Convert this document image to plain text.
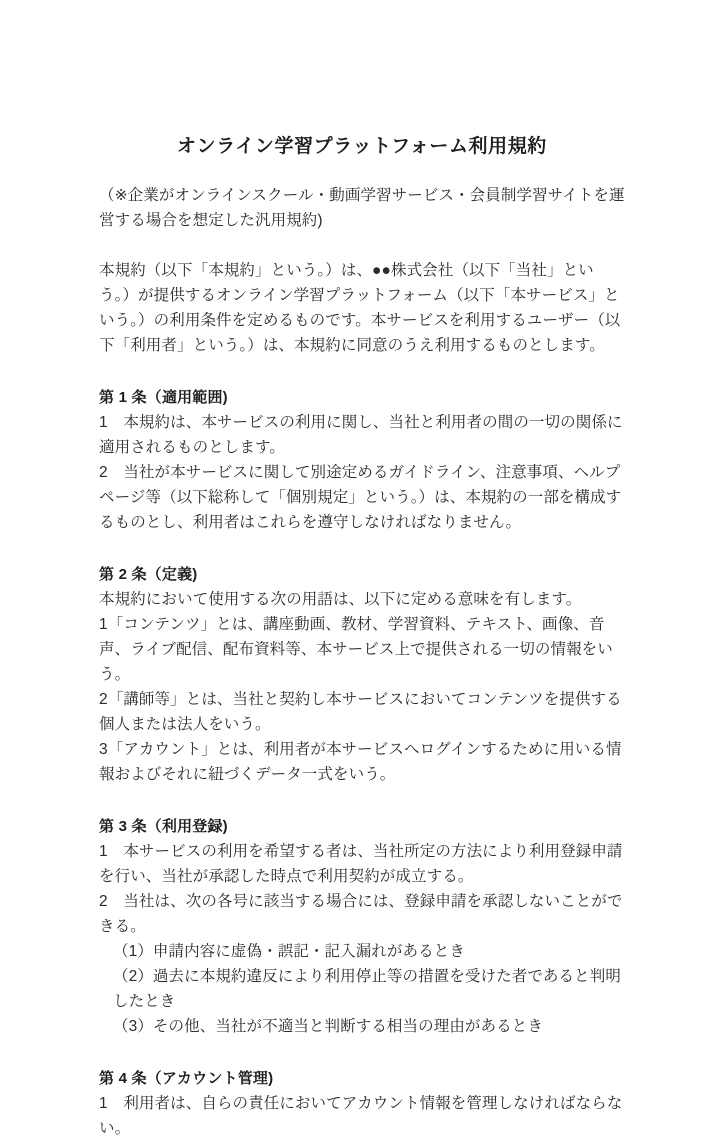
オンライン学習プラットフォーム利用規約

（※企業がオンラインスクール・動画学習サービス・会員制学習サイトを運営する場合を想定した汎用規約)

本規約（以下「本規約」という。）は、●●株式会社（以下「当社」という。）が提供するオンライン学習プラットフォーム（以下「本サービス」という。）の利用条件を定めるものです。本サービスを利用するユーザー（以下「利用者」という。）は、本規約に同意のうえ利用するものとします。

第 1 条（適用範囲)

1　本規約は、本サービスの利用に関し、当社と利用者の間の一切の関係に適用されるものとします。

2　当社が本サービスに関して別途定めるガイドライン、注意事項、ヘルプページ等（以下総称して「個別規定」という。）は、本規約の一部を構成するものとし、利用者はこれらを遵守しなければなりません。

第 2 条（定義)

本規約において使用する次の用語は、以下に定める意味を有します。

1「コンテンツ」とは、講座動画、教材、学習資料、テキスト、画像、音声、ライブ配信、配布資料等、本サービス上で提供される一切の情報をいう。

2「講師等」とは、当社と契約し本サービスにおいてコンテンツを提供する個人または法人をいう。

3「アカウント」とは、利用者が本サービスへログインするために用いる情報およびそれに紐づくデータ一式をいう。

第 3 条（利用登録)

1　本サービスの利用を希望する者は、当社所定の方法により利用登録申請を行い、当社が承認した時点で利用契約が成立する。

2　当社は、次の各号に該当する場合には、登録申請を承認しないことができる。

（1）申請内容に虚偽・誤記・記入漏れがあるとき

（2）過去に本規約違反により利用停止等の措置を受けた者であると判明したとき

（3）その他、当社が不適当と判断する相当の理由があるとき

第 4 条（アカウント管理)

1　利用者は、自らの責任においてアカウント情報を管理しなければならない。
